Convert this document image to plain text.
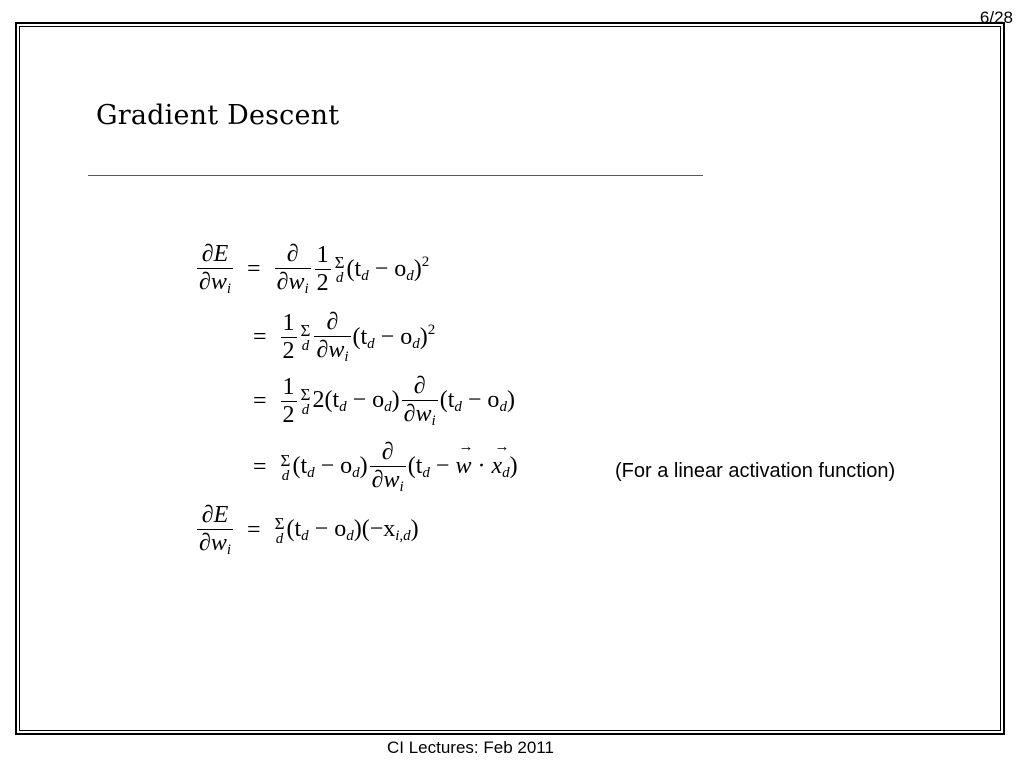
6/28
Gradient Descent
$\frac{\partial E}{\partial w_i} = \frac{\partial}{\partial w_i} \frac{1}{2}$ Σ
d $(t_d - o_d)^2$
= $\frac{1}{2}$ Σ
d $\frac{\partial}{\partial w_i} (t_d - o_d)^2$
= $\frac{1}{2}$ Σ
d $2(t_d - o_d) \frac{\partial}{\partial w_i} (t_d - o_d)$
= Σ
d $(t_d - o_d) \frac{\partial}{\partial w_i} (t_d$ − → w · → $x_d$)	(For a linear activation function)
$\frac{\partial E}{\partial w_i} = \Sigma$
d $(t_d - o_d)(-x_{i,d})$
CI Lectures: Feb 2011
